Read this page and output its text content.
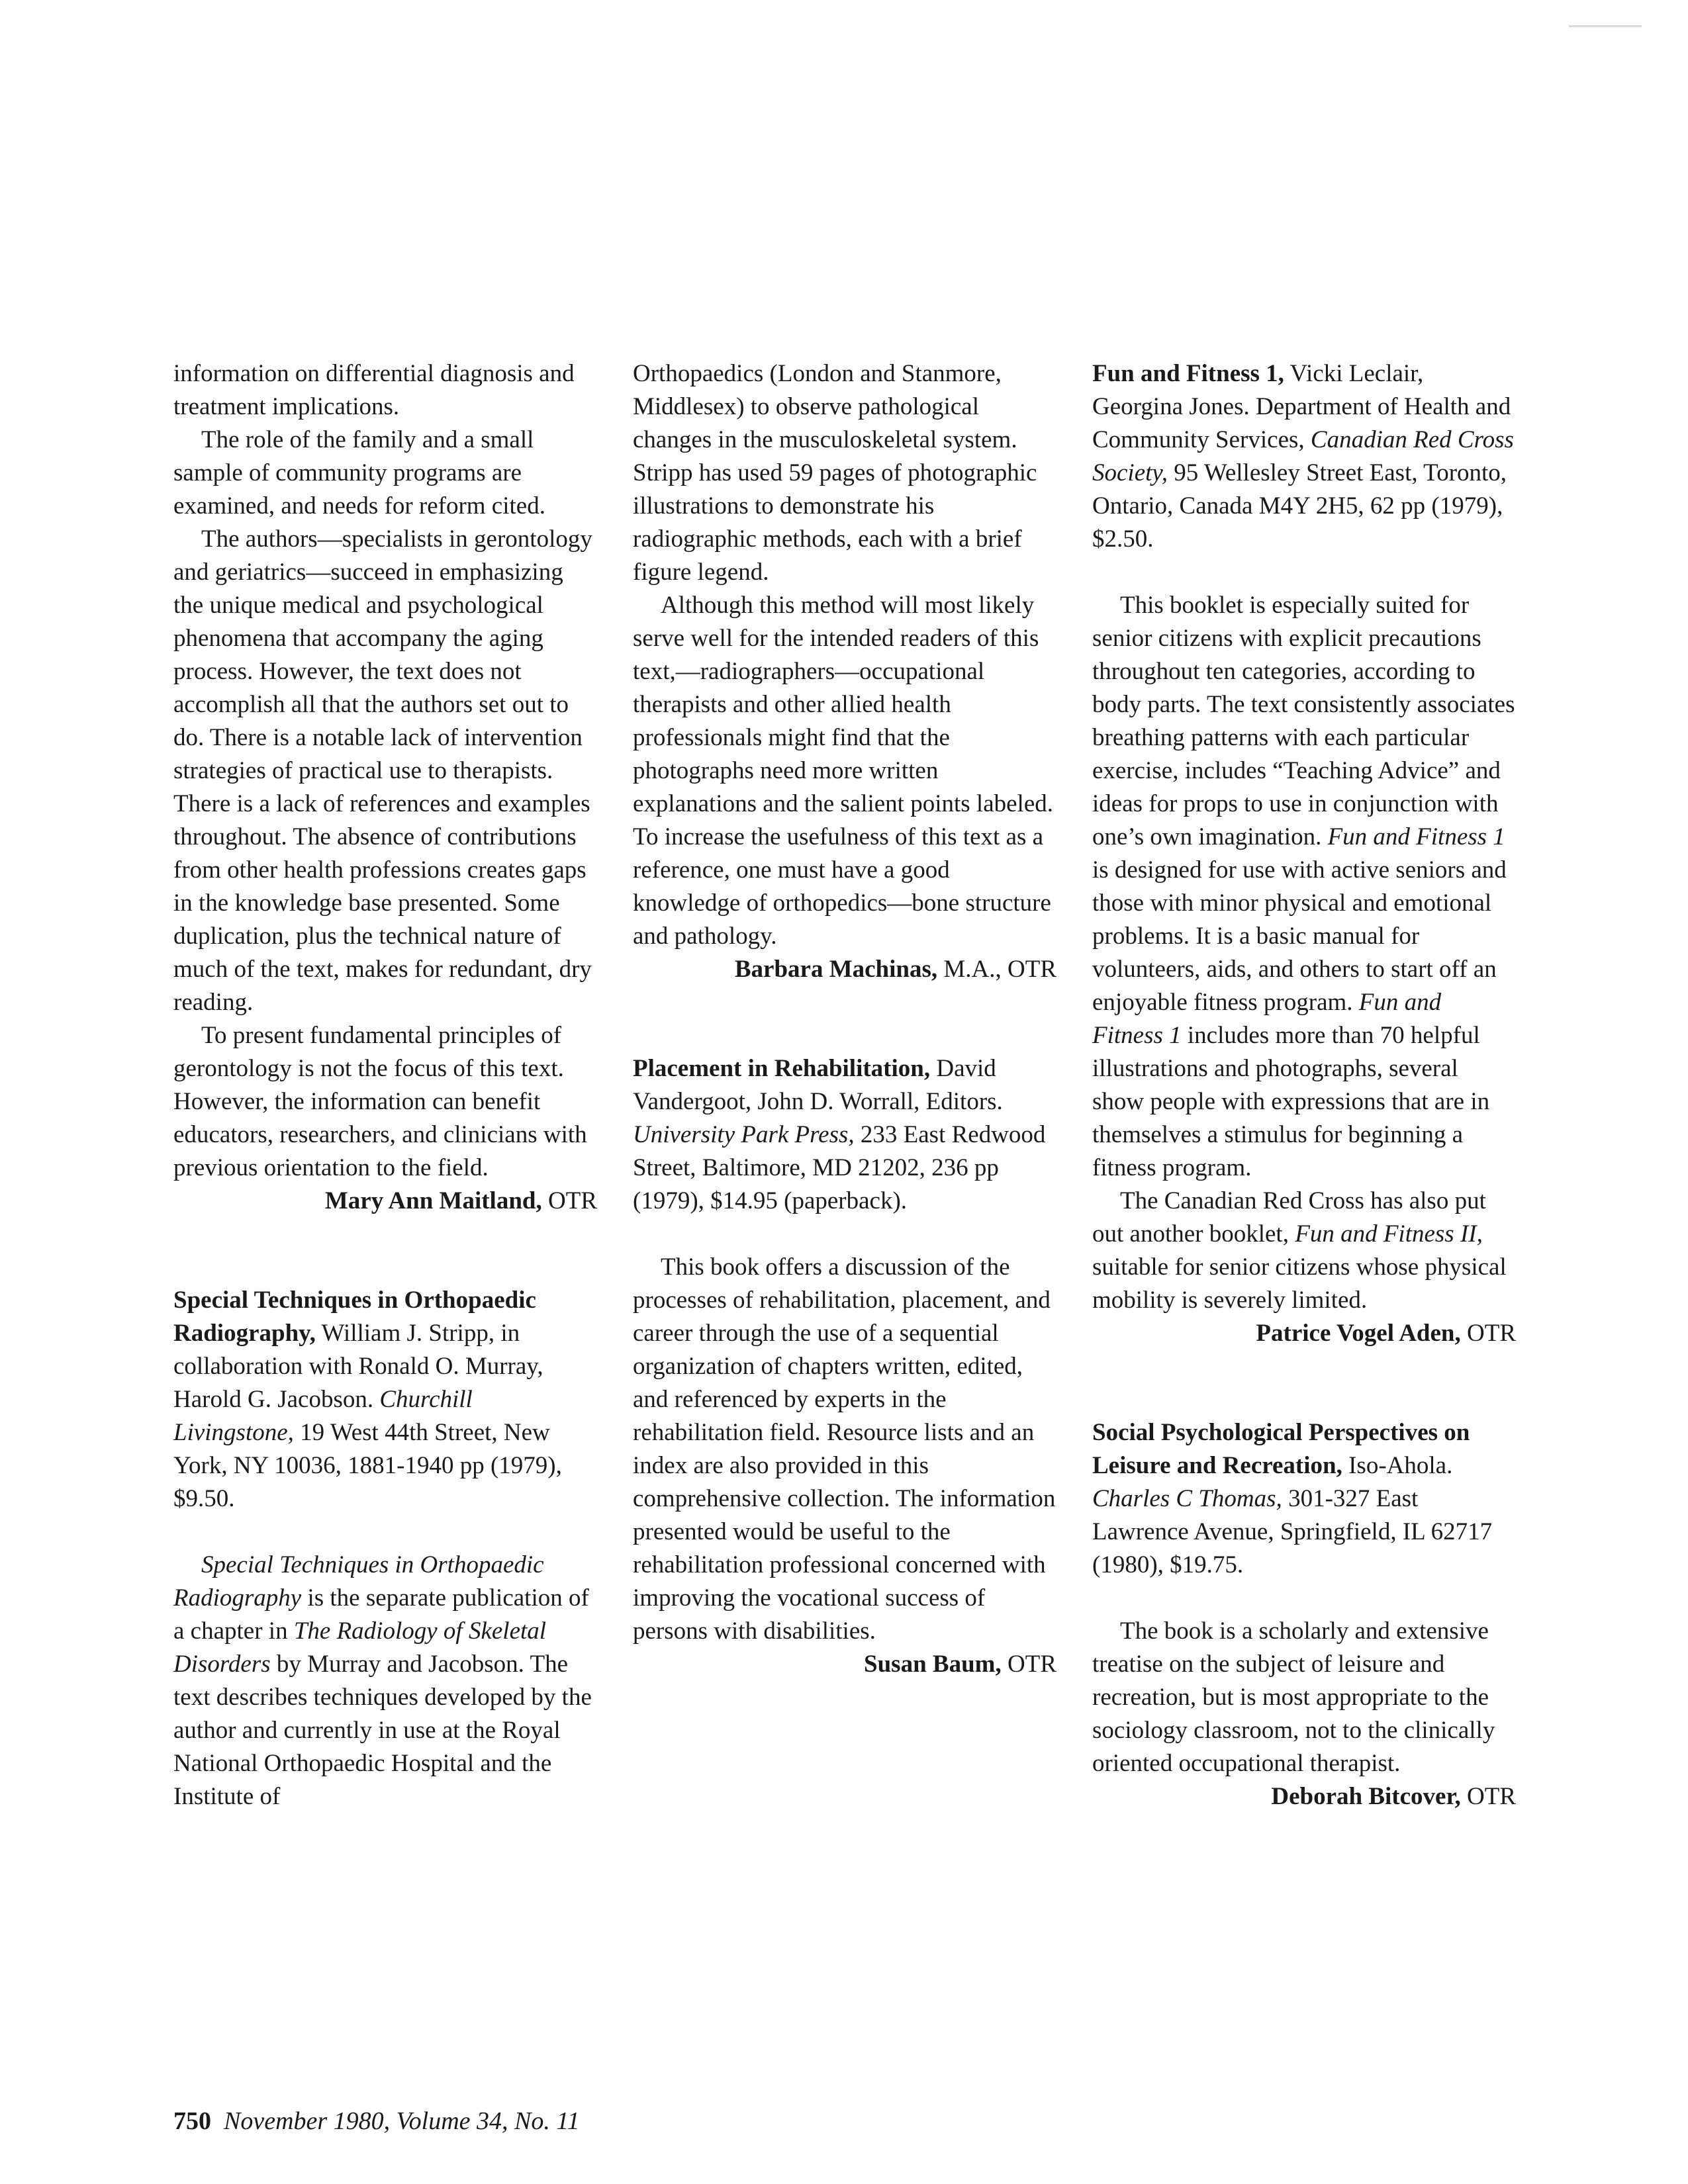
information on differential diagnosis and treatment implications.

The role of the family and a small sample of community programs are examined, and needs for reform cited.

The authors—specialists in gerontology and geriatrics—succeed in emphasizing the unique medical and psychological phenomena that accompany the aging process. However, the text does not accomplish all that the authors set out to do. There is a notable lack of intervention strategies of practical use to therapists. There is a lack of references and examples throughout. The absence of contributions from other health professions creates gaps in the knowledge base presented. Some duplication, plus the technical nature of much of the text, makes for redundant, dry reading.

To present fundamental principles of gerontology is not the focus of this text. However, the information can benefit educators, researchers, and clinicians with previous orientation to the field.

Mary Ann Maitland, OTR

Special Techniques in Orthopaedic Radiography, William J. Stripp, in collaboration with Ronald O. Murray, Harold G. Jacobson. Churchill Livingstone, 19 West 44th Street, New York, NY 10036, 1881-1940 pp (1979), $9.50.

Special Techniques in Orthopaedic Radiography is the separate publication of a chapter in The Radiology of Skeletal Disorders by Murray and Jacobson. The text describes techniques developed by the author and currently in use at the Royal National Orthopaedic Hospital and the Institute of

Orthopaedics (London and Stanmore, Middlesex) to observe pathological changes in the musculoskeletal system. Stripp has used 59 pages of photographic illustrations to demonstrate his radiographic methods, each with a brief figure legend.

Although this method will most likely serve well for the intended readers of this text,—radiographers—occupational therapists and other allied health professionals might find that the photographs need more written explanations and the salient points labeled. To increase the usefulness of this text as a reference, one must have a good knowledge of orthopedics—bone structure and pathology.

Barbara Machinas, M.A., OTR

Placement in Rehabilitation, David Vandergoot, John D. Worrall, Editors. University Park Press, 233 East Redwood Street, Baltimore, MD 21202, 236 pp (1979), $14.95 (paperback).

This book offers a discussion of the processes of rehabilitation, placement, and career through the use of a sequential organization of chapters written, edited, and referenced by experts in the rehabilitation field. Resource lists and an index are also provided in this comprehensive collection. The information presented would be useful to the rehabilitation professional concerned with improving the vocational success of persons with disabilities.

Susan Baum, OTR

Fun and Fitness 1, Vicki Leclair, Georgina Jones. Department of Health and Community Services, Canadian Red Cross Society, 95 Wellesley Street East, Toronto, Ontario, Canada M4Y 2H5, 62 pp (1979), $2.50.

This booklet is especially suited for senior citizens with explicit precautions throughout ten categories, according to body parts. The text consistently associates breathing patterns with each particular exercise, includes “Teaching Advice” and ideas for props to use in conjunction with one’s own imagination. Fun and Fitness 1 is designed for use with active seniors and those with minor physical and emotional problems. It is a basic manual for volunteers, aids, and others to start off an enjoyable fitness program. Fun and Fitness 1 includes more than 70 helpful illustrations and photographs, several show people with expressions that are in themselves a stimulus for beginning a fitness program.

The Canadian Red Cross has also put out another booklet, Fun and Fitness II, suitable for senior citizens whose physical mobility is severely limited.

Patrice Vogel Aden, OTR

Social Psychological Perspectives on Leisure and Recreation, Iso-Ahola. Charles C Thomas, 301-327 East Lawrence Avenue, Springfield, IL 62717 (1980), $19.75.

The book is a scholarly and extensive treatise on the subject of leisure and recreation, but is most appropriate to the sociology classroom, not to the clinically oriented occupational therapist.

Deborah Bitcover, OTR

750 November 1980, Volume 34, No. 11
